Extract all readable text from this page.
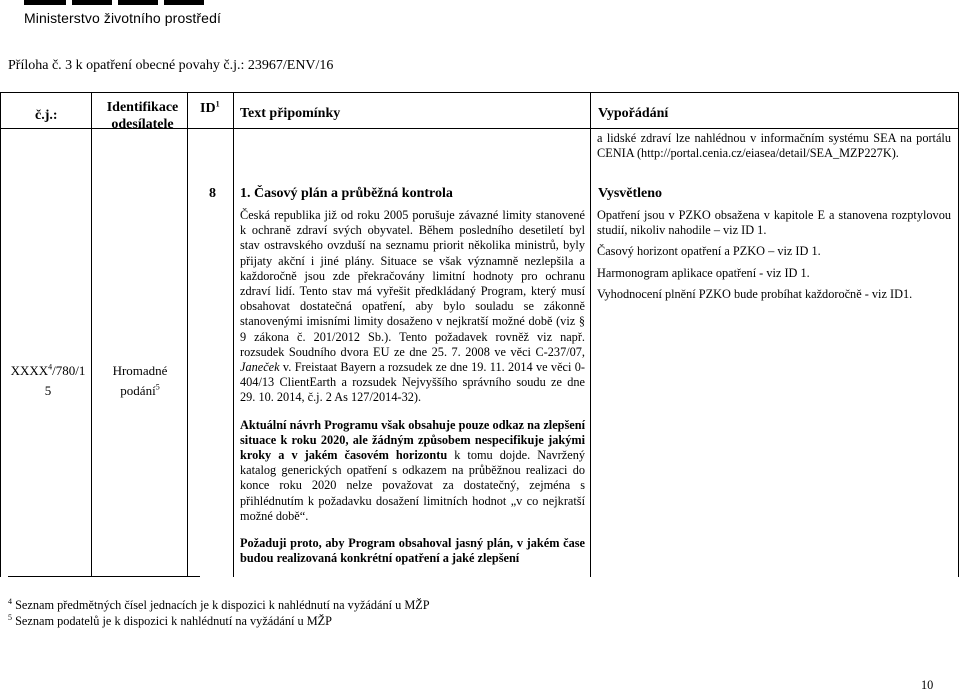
Ministerstvo životního prostředí
Příloha č. 3 k opatření obecné povahy č.j.: 23967/ENV/16
č.j.:
Identifikace
odesílatele
$ID^1$
Text připomínky	Vypořádání
a lidské zdraví lze nahlédnou v informačním systému SEA na portálu CENIA (http://portal.cenia.cz/eiasea/detail/SEA_MZP227K).
8 1. Časový plán a průběžná kontrola	Vysvětleno
XXXX$^4$/780/1
5
Hromadné
podání$^5$

Česká republika již od roku 2005 porušuje závazné limity stanovené k ochraně zdraví svých obyvatel. Během posledního desetiletí byl stav ostravského ovzduší na seznamu priorit několika ministrů, byly přijaty akční i jiné plány. Situace se však významně nezlepšila a každoročně jsou zde překračovány limitní hodnoty pro ochranu zdraví lidí. Tento stav má vyřešit předkládaný Program, který musí obsahovat dostatečná opatření, aby bylo souladu se zákonně stanovenými imisními limity dosaženo v nejkratší možné době (viz § 9 zákona č. 201/2012 Sb.). Tento požadavek rovněž viz např. rozsudek Soudního dvora EU ze dne 25. 7. 2008 ve věci C-237/07, Janeček v. Freistaat Bayern a rozsudek ze dne 19. 11. 2014 ve věci 0-404/13 ClientEarth a rozsudek Nejvyššího správního soudu ze dne 29. 10. 2014, č.j. 2 As 127/2014-32).

Aktuální návrh Programu však obsahuje pouze odkaz na zlepšení situace k roku 2020, ale žádným způsobem nespecifikuje jakými kroky a v jakém časovém horizontu k tomu dojde. Navržený katalog generických opatření s odkazem na průběžnou realizaci do konce roku 2020 nelze považovat za dostatečný, zejména s přihlédnutím k požadavku dosažení limitních hodnot „v co nejkratší možné době“.

Požaduji proto, aby Program obsahoval jasný plán, v jakém čase budou realizovaná konkrétní opatření a jaké zlepšení

Opatření jsou v PZKO obsažena v kapitole E a stanovena rozptylovou studií, nikoliv nahodile – viz ID 1.

Časový horizont opatření a PZKO – viz ID 1.

Harmonogram aplikace opatření - viz ID 1.

Vyhodnocení plnění PZKO bude probíhat každoročně - viz ID1.

$^4$ Seznam předmětných čísel jednacích je k dispozici k nahlédnutí na vyžádání u MŽP
$^5$ Seznam podatelů je k dispozici k nahlédnutí na vyžádání u MŽP
10
